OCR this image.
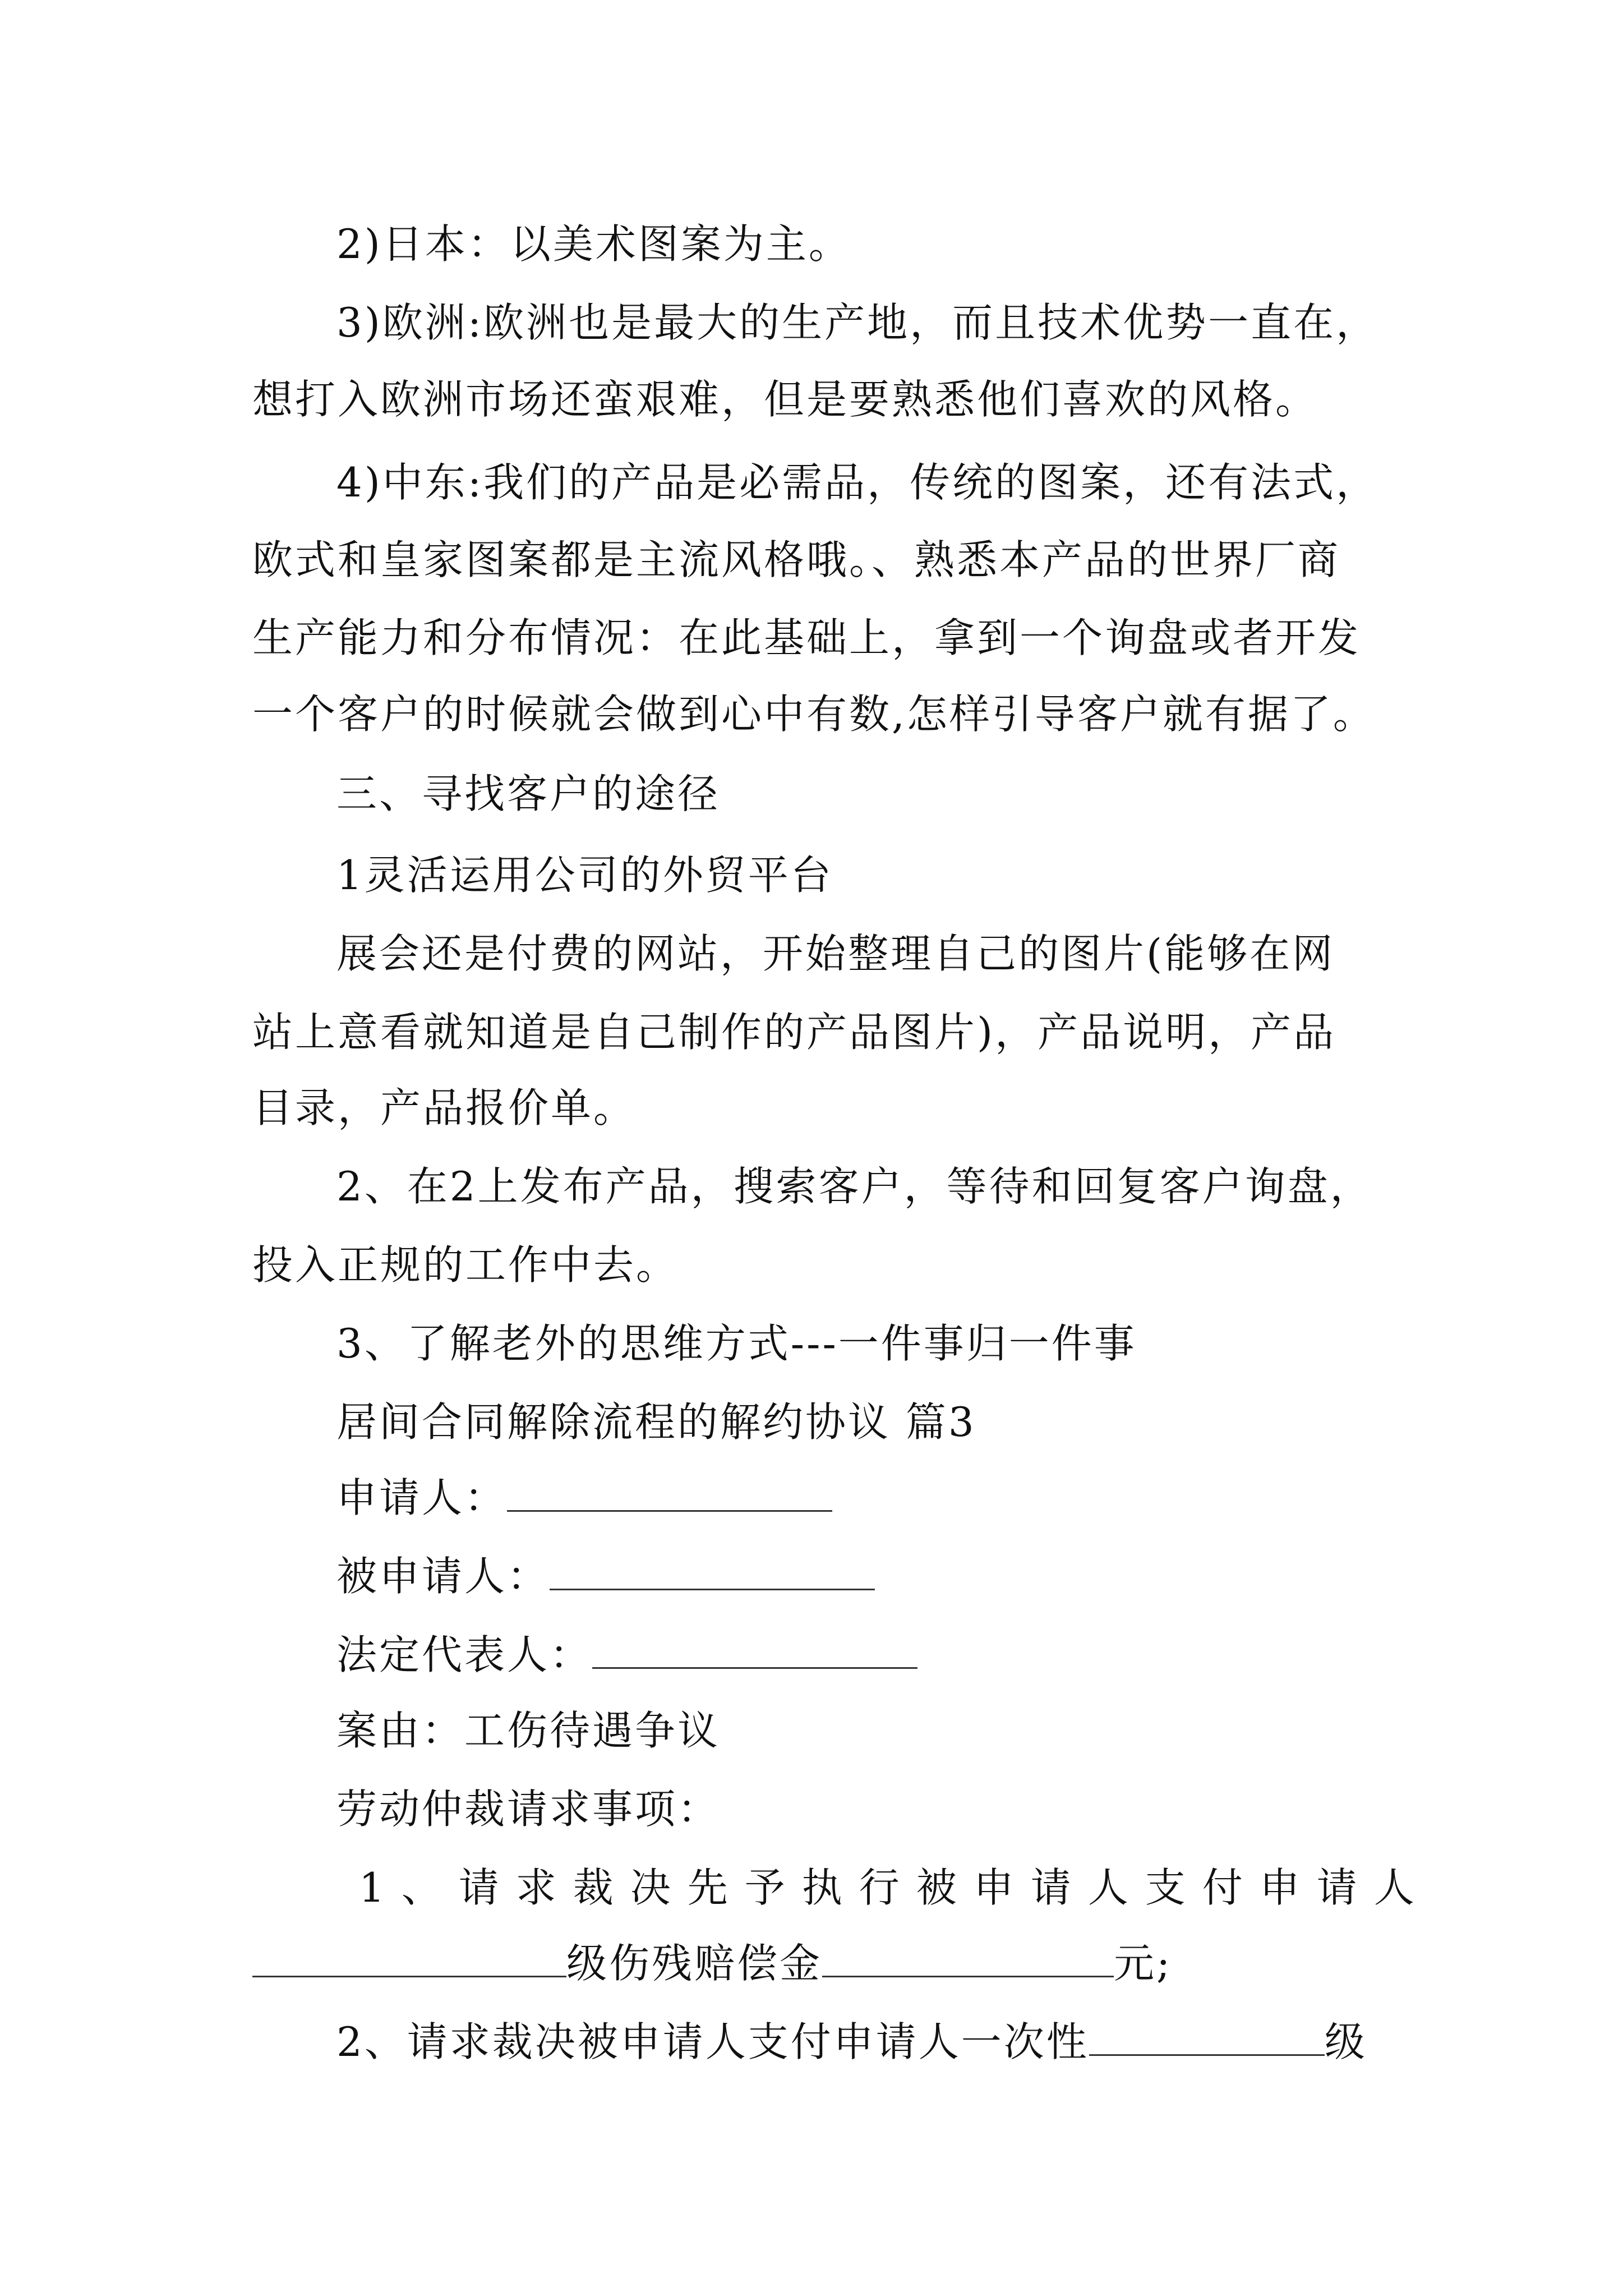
2)日本：以美术图案为主。
3)欧洲:欧洲也是最大的生产地，而且技术优势一直在，
想打入欧洲市场还蛮艰难，但是要熟悉他们喜欢的风格。
4)中东:我们的产品是必需品，传统的图案，还有法式，
欧式和皇家图案都是主流风格哦。、熟悉本产品的世界厂商
生产能力和分布情况：在此基础上，拿到一个询盘或者开发
一个客户的时候就会做到心中有数,怎样引导客户就有据了。
三、寻找客户的途径
1灵活运用公司的外贸平台
展会还是付费的网站，开始整理自己的图片(能够在网
站上意看就知道是自己制作的产品图片)，产品说明，产品
目录，产品报价单。
2、在2上发布产品，搜索客户，等待和回复客户询盘，
投入正规的工作中去。
3、了解老外的思维方式---一件事归一件事
居间合同解除流程的解约协议 篇3
申请人：
被申请人：
法定代表人：
案由：工伤待遇争议
劳动仲裁请求事项：
1、请求裁决先予执行被申请人支付申请人
级伤残赔偿金	元;
2、请求裁决被申请人支付申请人一次性	级
